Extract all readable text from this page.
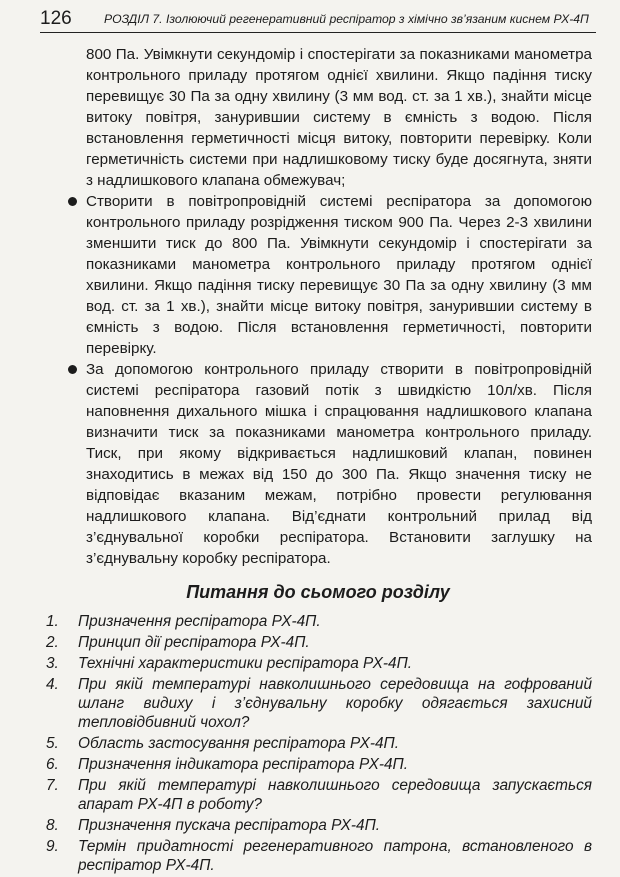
126	РОЗДІЛ 7. Ізолюючий регенеративний респіратор з хімічно зв’язаним киснем РХ-4П

800 Па. Увімкнути секундомір і спостерігати за показниками манометра контрольного приладу протягом однієї хвилини. Якщо падіння тиску перевищує 30 Па за одну хвилину (3 мм вод. ст. за 1 хв.), знайти місце витоку повітря, занурившии систему в ємність з водою. Після встановлення герметичності місця витоку, повторити перевірку. Коли герметичність системи при надлишковому тиску буде досягнута, зняти з надлишкового клапана обмежувач;

Створити в повітропровідній системі респіратора за допомогою контрольного приладу розрідження тиском 900 Па. Через 2-3 хвилини зменшити тиск до 800 Па. Увімкнути секундомір і спостерігати за показниками манометра контрольного приладу протягом однієї хвилини. Якщо падіння тиску перевищує 30 Па за одну хвилину (3 мм вод. ст. за 1 хв.), знайти місце витоку повітря, занурившии систему в ємність з водою. Після встановлення герметичності, повторити перевірку.
За допомогою контрольного приладу створити в повітропровідній системі респіратора газовий потік з швидкістю 10л/хв. Після наповнення дихального мішка і спрацювання надлишкового клапана визначити тиск за показниками манометра контрольного приладу. Тиск, при якому відкривається надлишковий клапан, повинен знаходитись в межах від 150 до 300 Па. Якщо значення тиску не відповідає вказаним межам, потрібно провести регулювання надлишкового клапана. Від’єднати контрольний прилад від з’єднувальної коробки респіратора. Встановити заглушку на з’єднувальну коробку респіратора.
Питання до сьомого розділу
1. Призначення респіратора РХ-4П.
2. Принцип дії респіратора РХ-4П.
3. Технічні характеристики респіратора РХ-4П.
4. При якій температурі навколишнього середовища на гофрований шланг видиху і з’єднувальну коробку одягається захисний тепловідбивний чохол?
5. Область застосування респіратора РХ-4П.
6. Призначення індикатора респіратора РХ-4П.
7. При якій температурі навколишнього середовища запускається апарат РХ-4П в роботу?
8. Призначення пускача респіратора РХ-4П.
9. Термін придатності регенеративного патрона, встановленого в респіратор РХ-4П.
